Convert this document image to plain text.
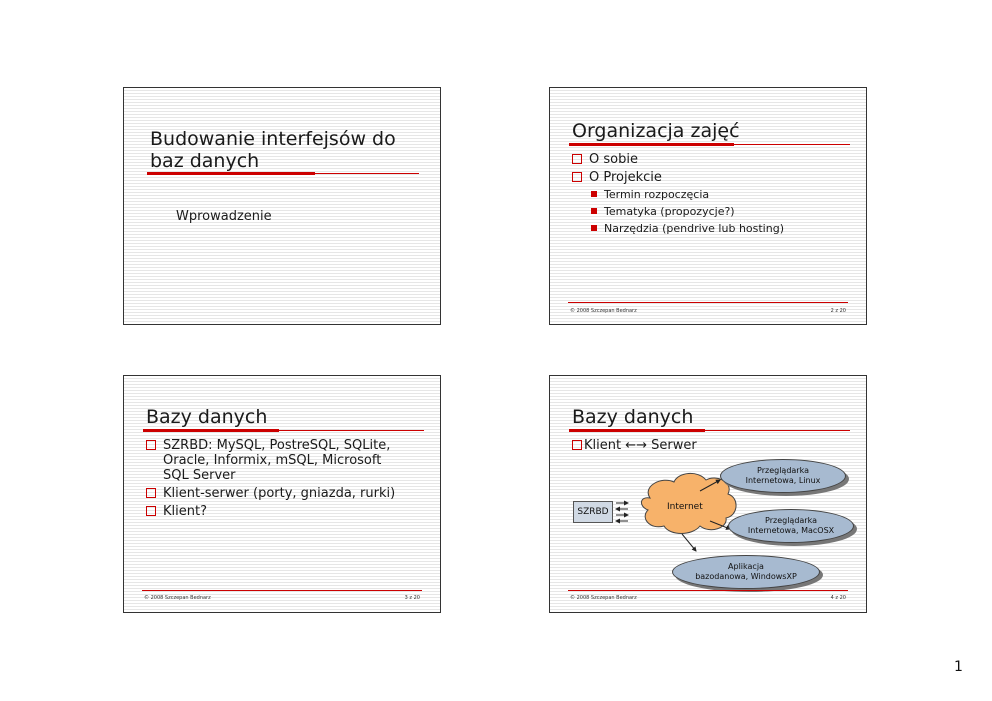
Budowanie interfejsów do
baz danych
Wprowadzenie
Organizacja zajęć
O sobie
O Projekcie
Termin rozpoczęcia
Tematyka (propozycje?)
Narzędzia (pendrive lub hosting)
© 2008 Szczepan Bednarz	2 z 20
Bazy danych
SZRBD: MySQL, PostreSQL, SQLite,
Oracle, Informix, mSQL, Microsoft
SQL Server
Klient-serwer (porty, gniazda, rurki)
Klient?
© 2008 Szczepan Bednarz	3 z 20
Bazy danych
Klient ←→ Serwer
SZRBD	Internet
Przeglądarka
Internetowa, Linux
Przeglądarka
Internetowa, MacOSX
Aplikacja
bazodanowa, WindowsXP
© 2008 Szczepan Bednarz	4 z 20
1
